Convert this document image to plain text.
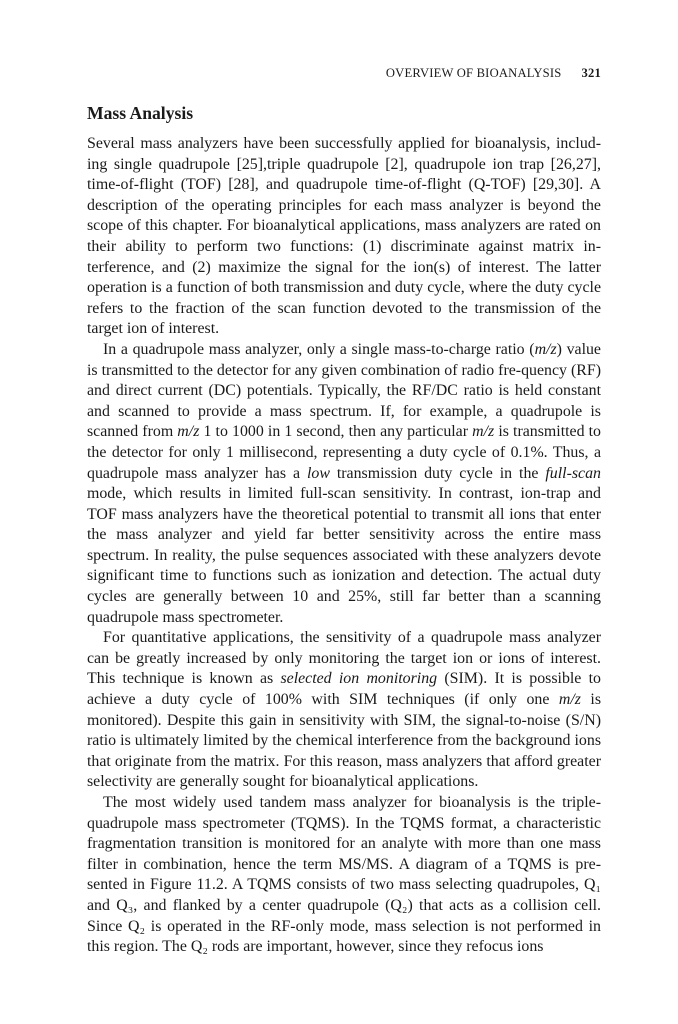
OVERVIEW OF BIOANALYSIS 321
Mass Analysis

Several mass analyzers have been successfully applied for bioanalysis, includ-ing single quadrupole [25],triple quadrupole [2], quadrupole ion trap [26,27], time-of-flight (TOF) [28], and quadrupole time-of-flight (Q-TOF) [29,30]. A description of the operating principles for each mass analyzer is beyond the scope of this chapter. For bioanalytical applications, mass analyzers are rated on their ability to perform two functions: (1) discriminate against matrix in-terference, and (2) maximize the signal for the ion(s) of interest. The latter operation is a function of both transmission and duty cycle, where the duty cycle refers to the fraction of the scan function devoted to the transmission of the target ion of interest.

In a quadrupole mass analyzer, only a single mass-to-charge ratio (m/z) value is transmitted to the detector for any given combination of radio fre-quency (RF) and direct current (DC) potentials. Typically, the RF/DC ratio is held constant and scanned to provide a mass spectrum. If, for example, a quadrupole is scanned from m/z 1 to 1000 in 1 second, then any particular m/z is transmitted to the detector for only 1 millisecond, representing a duty cycle of 0.1%. Thus, a quadrupole mass analyzer has a low transmission duty cycle in the full-scan mode, which results in limited full-scan sensitivity. In contrast, ion-trap and TOF mass analyzers have the theoretical potential to transmit all ions that enter the mass analyzer and yield far better sensitivity across the entire mass spectrum. In reality, the pulse sequences associated with these analyzers devote significant time to functions such as ionization and detection. The actual duty cycles are generally between 10 and 25%, still far better than a scanning quadrupole mass spectrometer.

For quantitative applications, the sensitivity of a quadrupole mass analyzer can be greatly increased by only monitoring the target ion or ions of interest. This technique is known as selected ion monitoring (SIM). It is possible to achieve a duty cycle of 100% with SIM techniques (if only one m/z is monitored). Despite this gain in sensitivity with SIM, the signal-to-noise (S/N) ratio is ultimately limited by the chemical interference from the background ions that originate from the matrix. For this reason, mass analyzers that afford greater selectivity are generally sought for bioanalytical applications.

The most widely used tandem mass analyzer for bioanalysis is the triple-quadrupole mass spectrometer (TQMS). In the TQMS format, a characteristic fragmentation transition is monitored for an analyte with more than one mass filter in combination, hence the term MS/MS. A diagram of a TQMS is pre-sented in Figure 11.2. A TQMS consists of two mass selecting quadrupoles, Q₁ and Q₃, and flanked by a center quadrupole (Q₂) that acts as a collision cell. Since Q₂ is operated in the RF-only mode, mass selection is not performed in this region. The Q₂ rods are important, however, since they refocus ions
